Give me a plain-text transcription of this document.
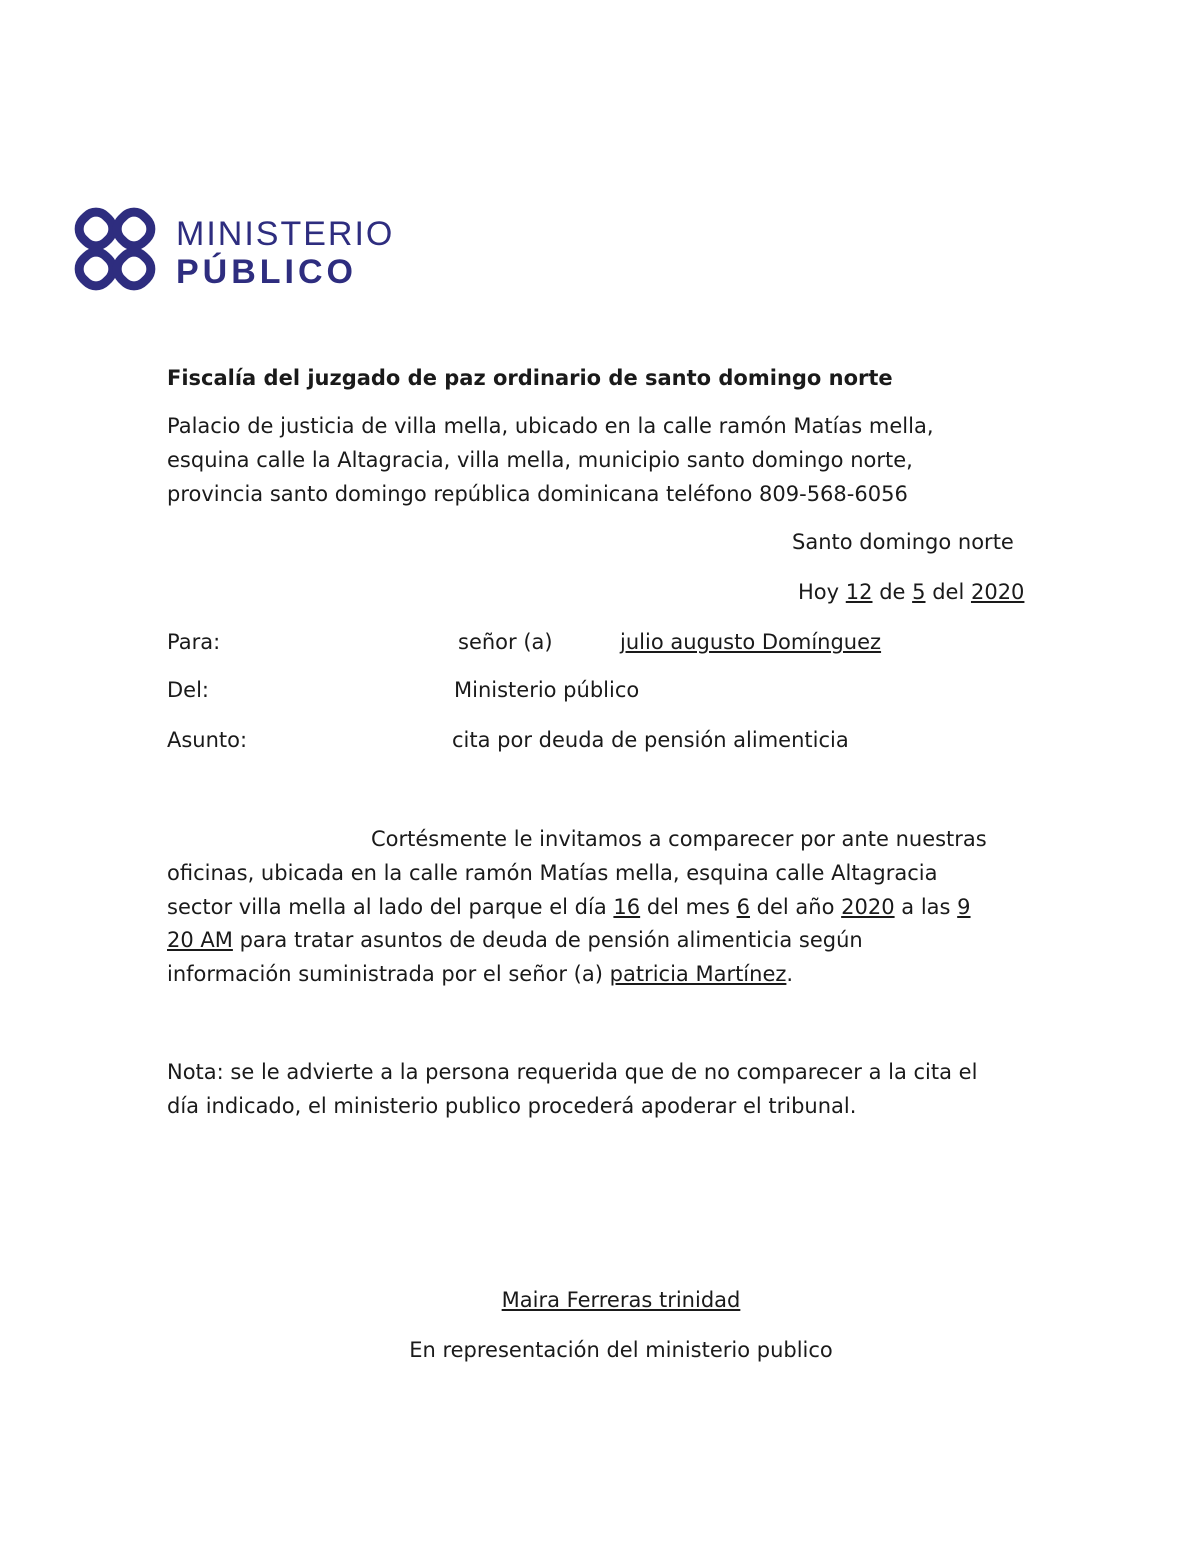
MINISTERIO
PÚBLICO
Fiscalía del juzgado de paz ordinario de santo domingo norte
Palacio de justicia de villa mella, ubicado en la calle ramón Matías mella,
esquina calle la Altagracia, villa mella, municipio santo domingo norte,
provincia santo domingo república dominicana teléfono 809-568-6056
Santo domingo norte
Hoy 12 de 5 del 2020
Para:	señor (a)	julio augusto Domínguez
Del:	Ministerio público
Asunto:	cita por deuda de pensión alimenticia
Cortésmente le invitamos a comparecer por ante nuestras
oficinas, ubicada en la calle ramón Matías mella, esquina calle Altagracia
sector villa mella al lado del parque el día 16 del mes 6 del año 2020 a las 9
20 AM para tratar asuntos de deuda de pensión alimenticia según
información suministrada por el señor (a) patricia Martínez.
Nota: se le advierte a la persona requerida que de no comparecer a la cita el
día indicado, el ministerio publico procederá apoderar el tribunal.
Maira Ferreras trinidad
En representación del ministerio publico
